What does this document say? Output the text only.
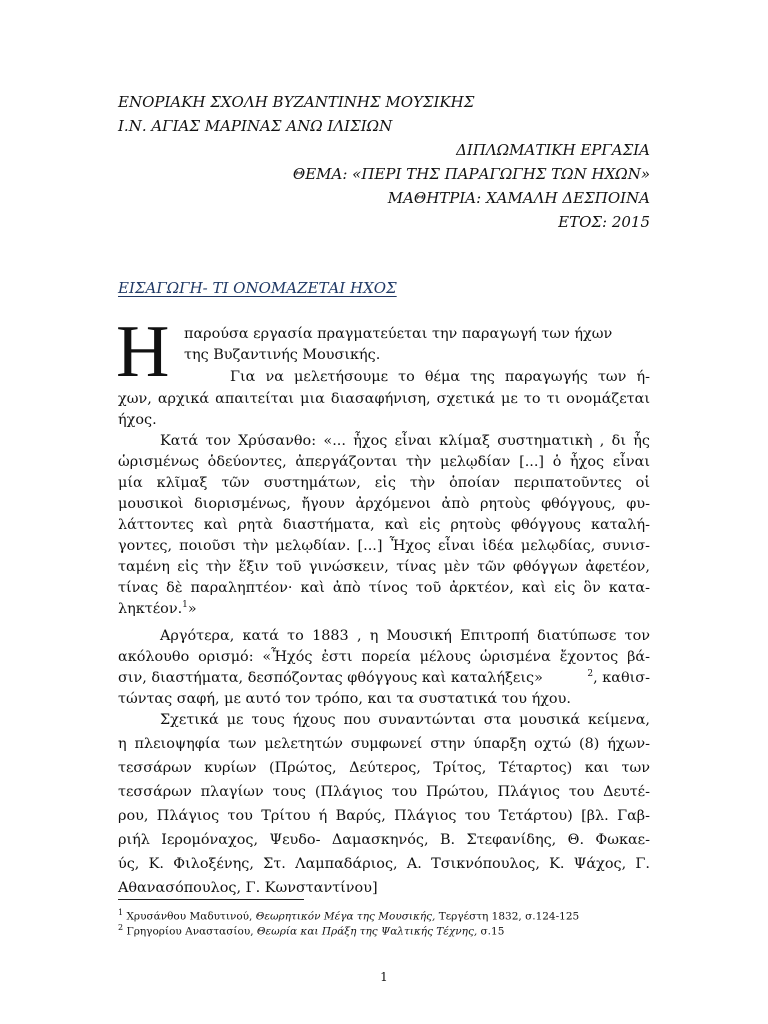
ΕΝΟΡΙΑΚΗ ΣΧΟΛΗ ΒΥΖΑΝΤΙΝΗΣ ΜΟΥΣΙΚΗΣ
Ι.Ν. ΑΓΙΑΣ ΜΑΡΙΝΑΣ ΑΝΩ ΙΛΙΣΙΩΝ
ΔΙΠΛΩΜΑΤΙΚΗ ΕΡΓΑΣΙΑ
ΘΕΜΑ: «ΠΕΡΙ ΤΗΣ ΠΑΡΑΓΩΓΗΣ ΤΩΝ ΗΧΩΝ»
ΜΑΘΗΤΡΙΑ: ΧΑΜΑΛΗ ΔΕΣΠΟΙΝΑ
ΕΤΟΣ: 2015
ΕΙΣΑΓΩΓΗ- ΤΙ ΟΝΟΜΑΖΕΤΑΙ ΗΧΟΣ
Η παρούσα εργασία πραγματεύεται την παραγωγή των ήχων
της Βυζαντινής Μουσικής.
Για να μελετήσουμε το θέμα της παραγωγής των ή-
χων, αρχικά απαιτείται μια διασαφήνιση, σχετικά με το τι ονομάζεται
ήχος.
Κατά τον Χρύσανθο: «... ἦχος εἶναι κλίμαξ συστηματικὴ , δι ἧς
ὡρισμένως ὁδεύοντες, ἀπεργάζονται τὴν μελῳδίαν [...] ὁ ἦχος εἶναι
μία κλῖμαξ τῶν συστημάτων, εἰς τὴν ὁποίαν περιπατοῦντες οἱ
μουσικοὶ διορισμένως, ἤγουν ἀρχόμενοι ἀπὸ ρητοὺς φθόγγους, φυ-
λάττοντες καὶ ρητὰ διαστήματα, καὶ εἰς ρητοὺς φθόγγους καταλή-
γοντες, ποιοῦσι τὴν μελῳδίαν. [...] Ἦχος εἶναι ἰδέα μελῳδίας, συνισ-
ταμένη εἰς τὴν ἕξιν τοῦ γινώσκειν, τίνας μὲν τῶν φθόγγων ἀφετέον,
τίνας δὲ παραληπτέον· καὶ ἀπὸ τίνος τοῦ ἀρκτέον, καὶ εἰς ὃν κατα-
ληκτέον.$^1$»
Αργότερα, κατά το 1883 , η Μουσική Επιτροπή διατύπωσε τον
ακόλουθο ορισμό: «Ἦχός ἐστι πορεία μέλους ὡρισμένα ἔχοντος βά-
σιν, διαστήματα, δεσπόζοντας φθόγγους καὶ καταλήξεις»	$^2$, καθισ-
τώντας σαφή, με αυτό τον τρόπο, και τα συστατικά του ήχου.
Σχετικά με τους ήχους που συναντώνται στα μουσικά κείμενα,
η πλειοψηφία των μελετητών συμφωνεί στην ύπαρξη οχτώ (8) ήχων-
τεσσάρων κυρίων (Πρώτος, Δεύτερος, Τρίτος, Τέταρτος) και των
τεσσάρων πλαγίων τους (Πλάγιος του Πρώτου, Πλάγιος του Δευτέ-
ρου, Πλάγιος του Τρίτου ή Βαρύς, Πλάγιος του Τετάρτου) [βλ. Γαβ-
ριήλ Ιερομόναχος, Ψευδο- Δαμασκηνός, Β. Στεφανίδης, Θ. Φωκαε-
ύς, Κ. Φιλοξένης, Στ. Λαμπαδάριος, Α. Τσικνόπουλος, Κ. Ψάχος, Γ.
Αθανασόπουλος, Γ. Κωνσταντίνου]
$^1$ Χρυσάνθου Μαδυτινού, Θεωρητικόν Μέγα της Μουσικής, Τεργέστη 1832, σ.124-125
$^2$ Γρηγορίου Αναστασίου, Θεωρία και Πράξη της Ψαλτικής Τέχνης, σ.15
1
